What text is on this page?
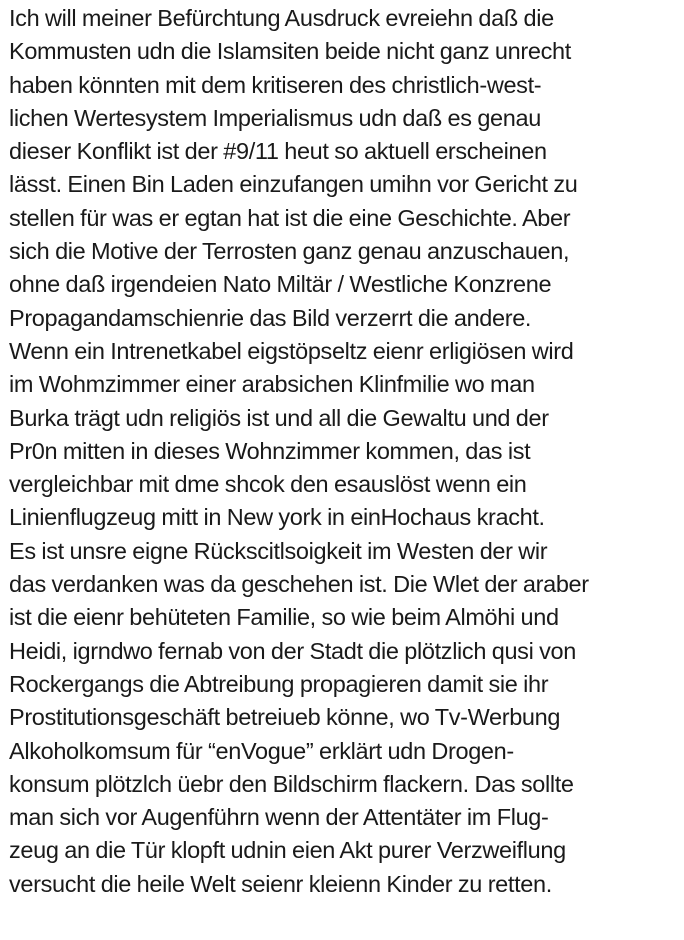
Ich will meiner Befürchtung Ausdruck evreiehn daß die
Kommusten udn die Islamsiten beide nicht ganz unrecht
haben könnten mit dem kritiseren des christlich-west-
lichen Wertesystem Imperialismus udn daß es genau
dieser Konflikt ist der #9/11 heut so aktuell erscheinen
lässt. Einen Bin Laden einzufangen umihn vor Gericht zu
stellen für was er egtan hat ist die eine Geschichte. Aber
sich die Motive der Terrosten ganz genau anzuschauen,
ohne daß irgendeien Nato Miltär / Westliche Konzrene
Propagandamschienrie das Bild verzerrt die andere.
Wenn ein Intrenetkabel eigstöpseltz eienr erligiösen wird
im Wohmzimmer einer arabsichen Klinfmilie wo man
Burka trägt udn religiös ist und all die Gewaltu und der
Pr0n mitten in dieses Wohnzimmer kommen, das ist
vergleichbar mit dme shcok den esauslöst wenn ein
Linienflugzeug mitt in New york in einHochaus kracht.
Es ist unsre eigne Rückscitlsoigkeit im Westen der wir
das verdanken was da geschehen ist. Die Wlet der araber
ist die eienr behüteten Familie, so wie beim Almöhi und
Heidi, igrndwo fernab von der Stadt die plötzlich qusi von
Rockergangs die Abtreibung propagieren damit sie ihr
Prostitutionsgeschäft betreiueb könne, wo Tv-Werbung
Alkoholkomsum für “enVogue” erklärt udn Drogen-
konsum plötzlch üebr den Bildschirm flackern. Das sollte
man sich vor Augenführn wenn der Attentäter im Flug-
zeug an die Tür klopft udnin eien Akt purer Verzweiflung
versucht die heile Welt seienr kleienn Kinder zu retten.
